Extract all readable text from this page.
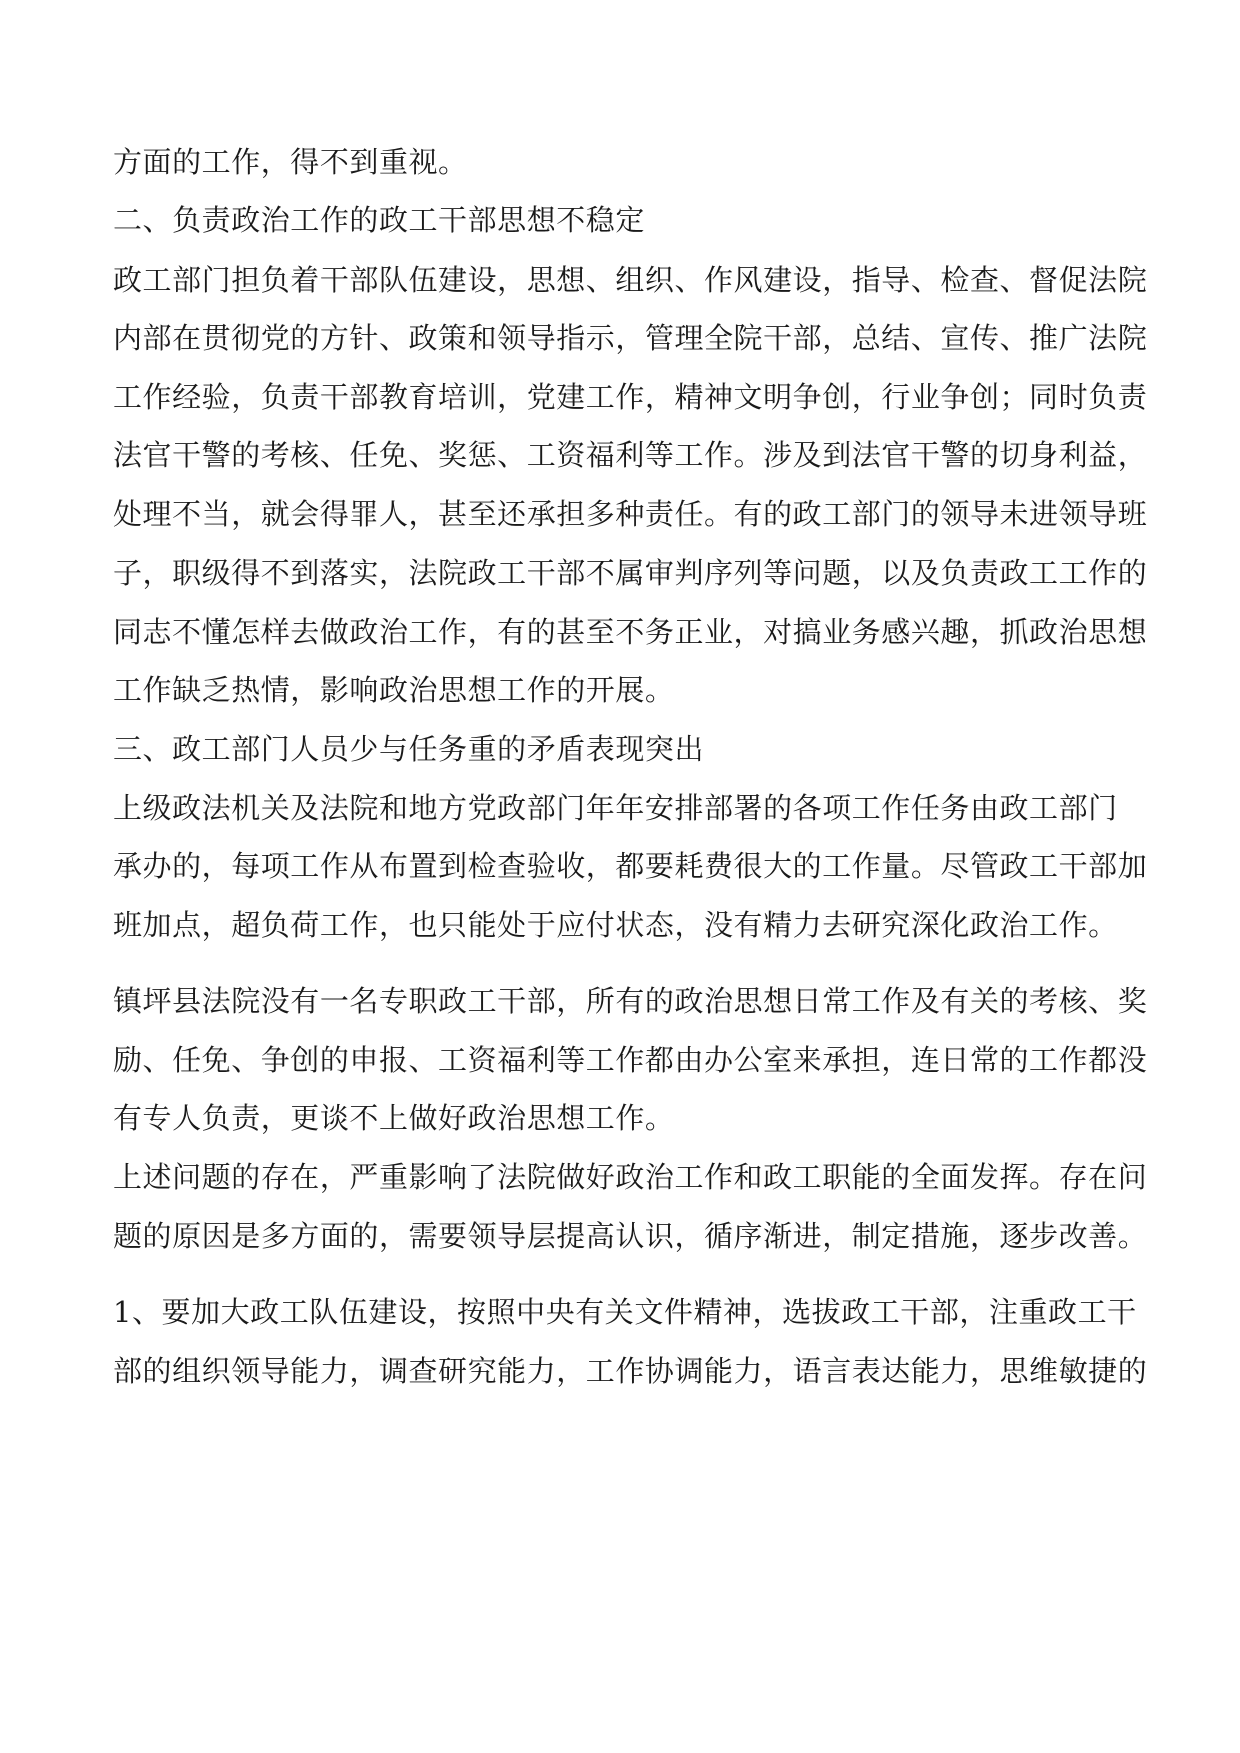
方面的工作，得不到重视。

二、负责政治工作的政工干部思想不稳定

政工部门担负着干部队伍建设，思想、组织、作风建设，指导、检查、督促法院

内部在贯彻党的方针、政策和领导指示，管理全院干部，总结、宣传、推广法院

工作经验，负责干部教育培训，党建工作，精神文明争创，行业争创；同时负责

法官干警的考核、任免、奖惩、工资福利等工作。涉及到法官干警的切身利益，

处理不当，就会得罪人，甚至还承担多种责任。有的政工部门的领导未进领导班

子，职级得不到落实，法院政工干部不属审判序列等问题，以及负责政工工作的

同志不懂怎样去做政治工作，有的甚至不务正业，对搞业务感兴趣，抓政治思想

工作缺乏热情，影响政治思想工作的开展。

三、政工部门人员少与任务重的矛盾表现突出

上级政法机关及法院和地方党政部门年年安排部署的各项工作任务由政工部门

承办的，每项工作从布置到检查验收，都要耗费很大的工作量。尽管政工干部加

班加点，超负荷工作，也只能处于应付状态，没有精力去研究深化政治工作。

镇坪县法院没有一名专职政工干部，所有的政治思想日常工作及有关的考核、奖

励、任免、争创的申报、工资福利等工作都由办公室来承担，连日常的工作都没

有专人负责，更谈不上做好政治思想工作。

上述问题的存在，严重影响了法院做好政治工作和政工职能的全面发挥。存在问

题的原因是多方面的，需要领导层提高认识，循序渐进，制定措施，逐步改善。

1、要加大政工队伍建设，按照中央有关文件精神，选拔政工干部，注重政工干

部的组织领导能力，调查研究能力，工作协调能力，语言表达能力，思维敏捷的
